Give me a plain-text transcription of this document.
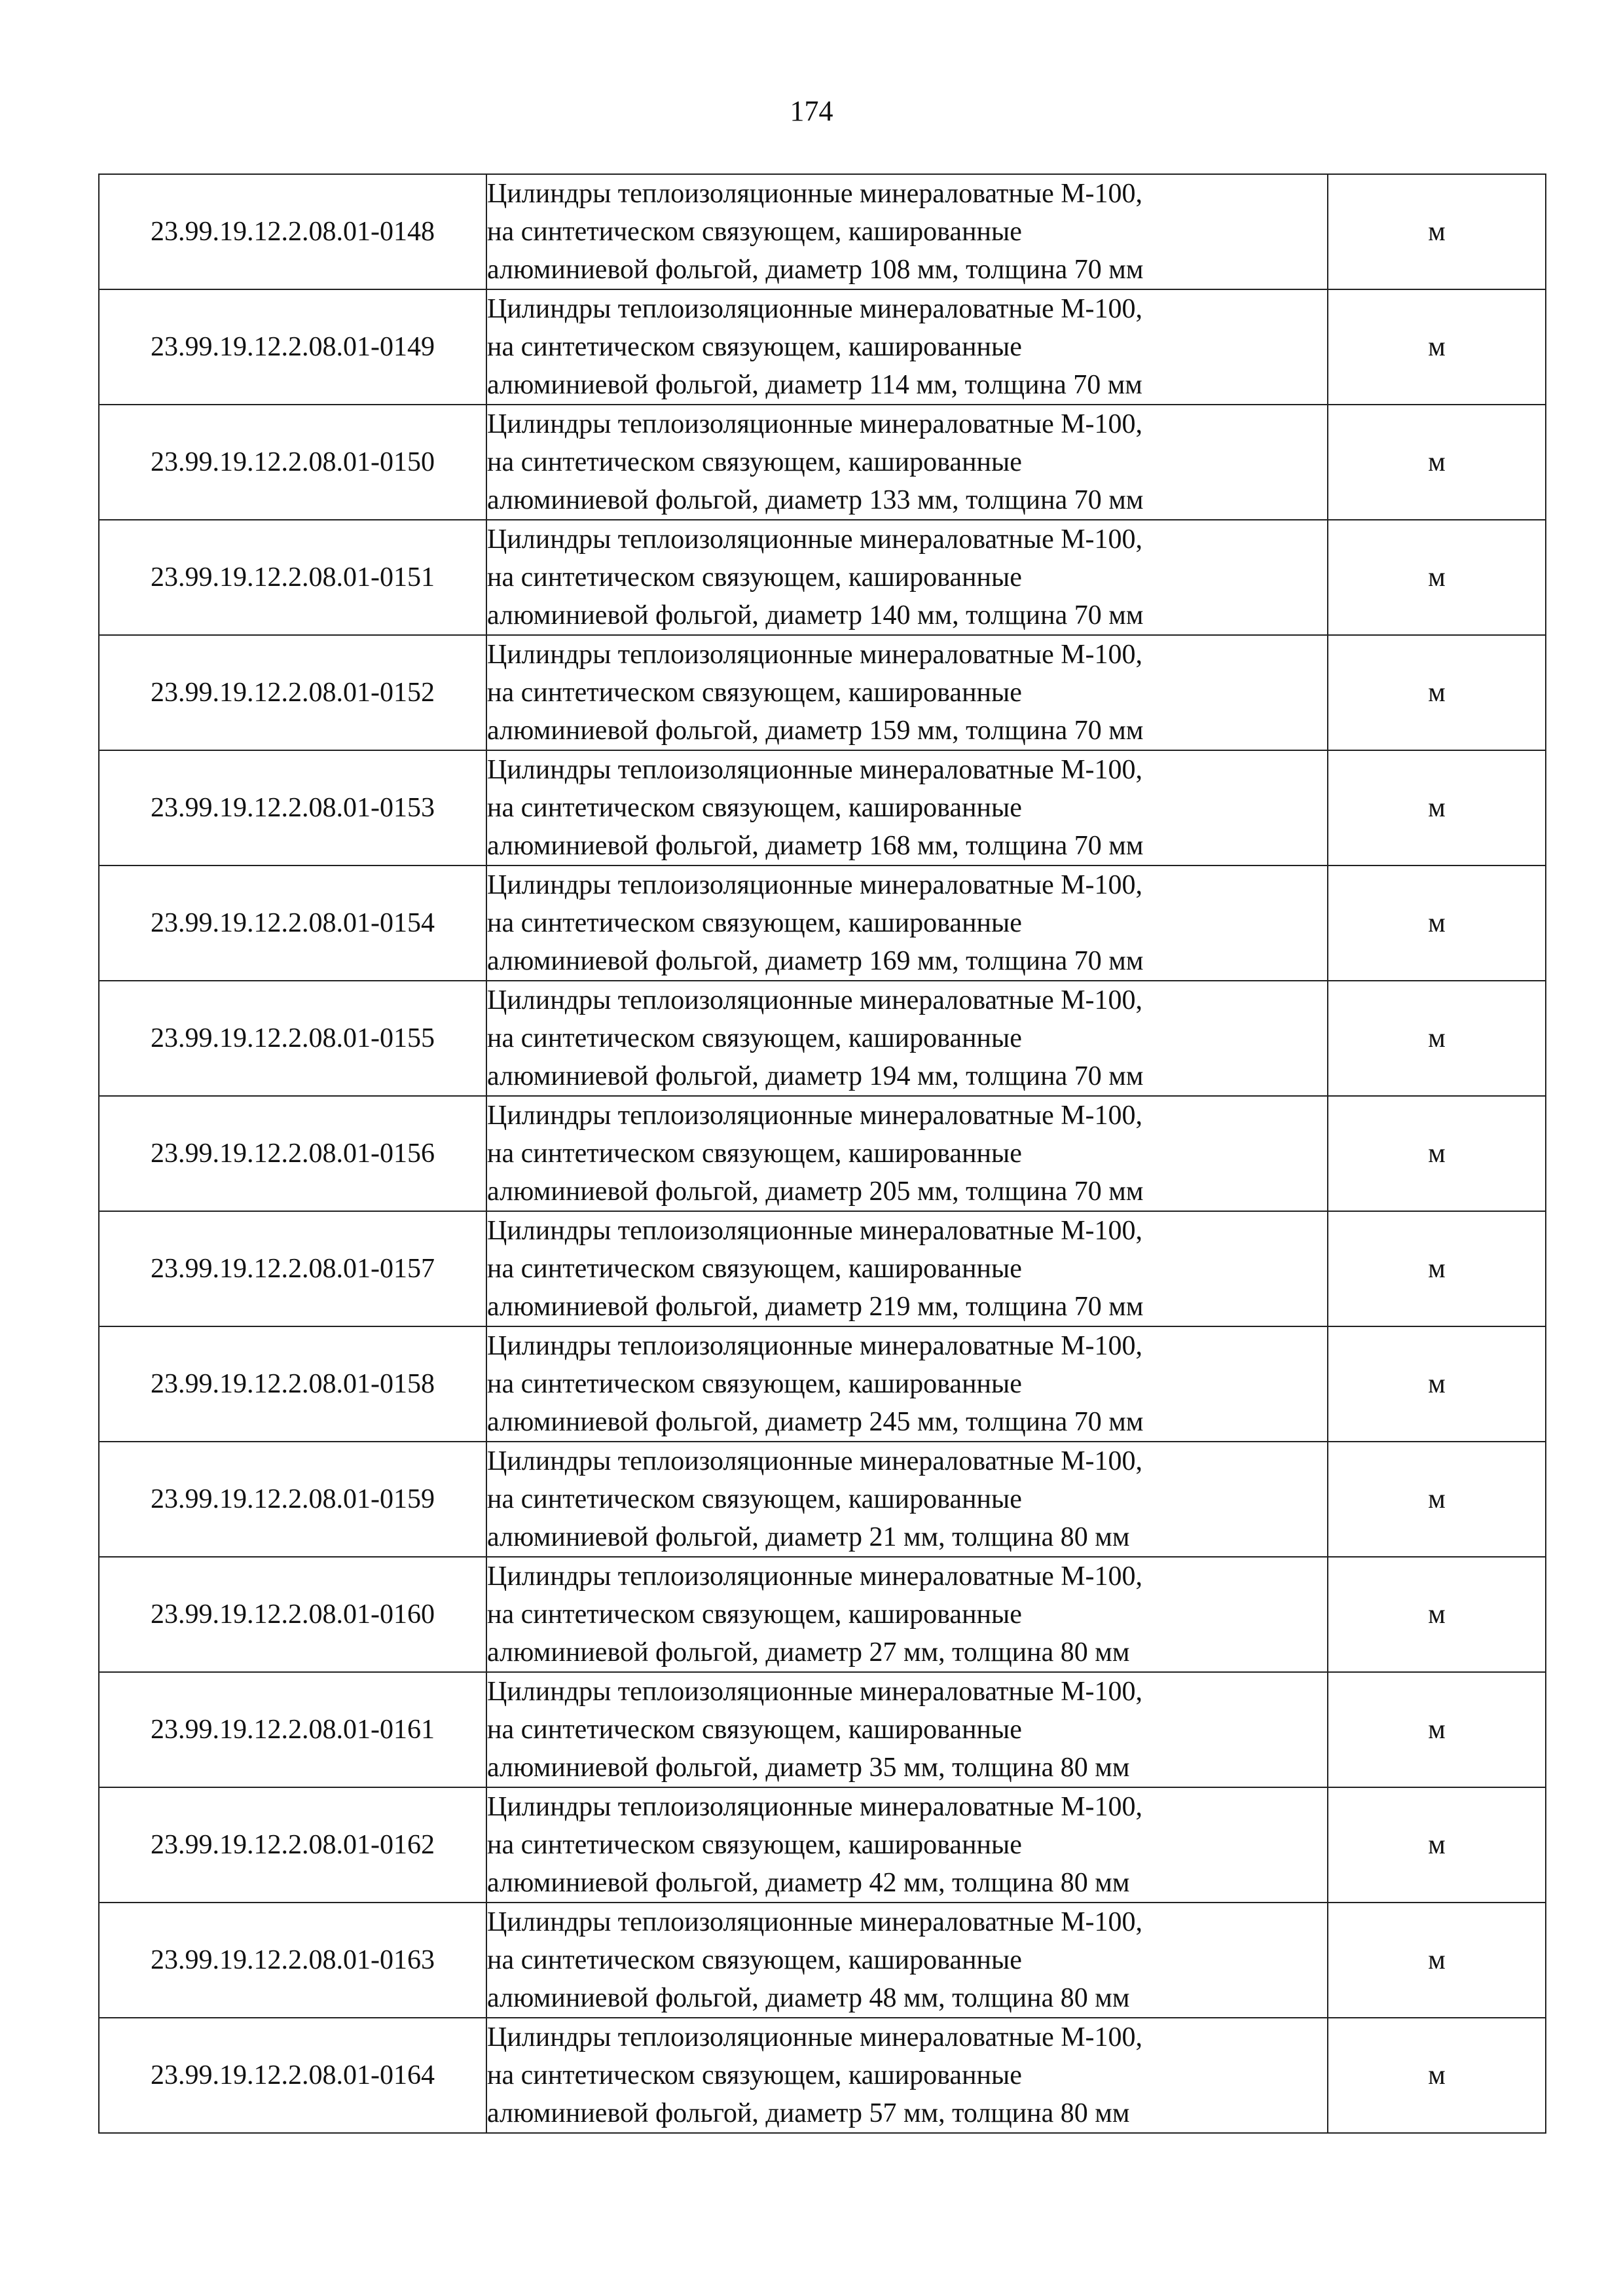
174
23.99.19.12.2.08.01-0148	Цилиндры теплоизоляционные минераловатные М-100,
на синтетическом связующем, кашированные
алюминиевой фольгой, диаметр 108 мм, толщина 70 мм	м
23.99.19.12.2.08.01-0149	Цилиндры теплоизоляционные минераловатные М-100,
на синтетическом связующем, кашированные
алюминиевой фольгой, диаметр 114 мм, толщина 70 мм	м
23.99.19.12.2.08.01-0150	Цилиндры теплоизоляционные минераловатные М-100,
на синтетическом связующем, кашированные
алюминиевой фольгой, диаметр 133 мм, толщина 70 мм	м
23.99.19.12.2.08.01-0151	Цилиндры теплоизоляционные минераловатные М-100,
на синтетическом связующем, кашированные
алюминиевой фольгой, диаметр 140 мм, толщина 70 мм	м
23.99.19.12.2.08.01-0152	Цилиндры теплоизоляционные минераловатные М-100,
на синтетическом связующем, кашированные
алюминиевой фольгой, диаметр 159 мм, толщина 70 мм	м
23.99.19.12.2.08.01-0153	Цилиндры теплоизоляционные минераловатные М-100,
на синтетическом связующем, кашированные
алюминиевой фольгой, диаметр 168 мм, толщина 70 мм	м
23.99.19.12.2.08.01-0154	Цилиндры теплоизоляционные минераловатные М-100,
на синтетическом связующем, кашированные
алюминиевой фольгой, диаметр 169 мм, толщина 70 мм	м
23.99.19.12.2.08.01-0155	Цилиндры теплоизоляционные минераловатные М-100,
на синтетическом связующем, кашированные
алюминиевой фольгой, диаметр 194 мм, толщина 70 мм	м
23.99.19.12.2.08.01-0156	Цилиндры теплоизоляционные минераловатные М-100,
на синтетическом связующем, кашированные
алюминиевой фольгой, диаметр 205 мм, толщина 70 мм	м
23.99.19.12.2.08.01-0157	Цилиндры теплоизоляционные минераловатные М-100,
на синтетическом связующем, кашированные
алюминиевой фольгой, диаметр 219 мм, толщина 70 мм	м
23.99.19.12.2.08.01-0158	Цилиндры теплоизоляционные минераловатные М-100,
на синтетическом связующем, кашированные
алюминиевой фольгой, диаметр 245 мм, толщина 70 мм	м
23.99.19.12.2.08.01-0159	Цилиндры теплоизоляционные минераловатные М-100,
на синтетическом связующем, кашированные
алюминиевой фольгой, диаметр 21 мм, толщина 80 мм	м
23.99.19.12.2.08.01-0160	Цилиндры теплоизоляционные минераловатные М-100,
на синтетическом связующем, кашированные
алюминиевой фольгой, диаметр 27 мм, толщина 80 мм	м
23.99.19.12.2.08.01-0161	Цилиндры теплоизоляционные минераловатные М-100,
на синтетическом связующем, кашированные
алюминиевой фольгой, диаметр 35 мм, толщина 80 мм	м
23.99.19.12.2.08.01-0162	Цилиндры теплоизоляционные минераловатные М-100,
на синтетическом связующем, кашированные
алюминиевой фольгой, диаметр 42 мм, толщина 80 мм	м
23.99.19.12.2.08.01-0163	Цилиндры теплоизоляционные минераловатные М-100,
на синтетическом связующем, кашированные
алюминиевой фольгой, диаметр 48 мм, толщина 80 мм	м
23.99.19.12.2.08.01-0164	Цилиндры теплоизоляционные минераловатные М-100,
на синтетическом связующем, кашированные
алюминиевой фольгой, диаметр 57 мм, толщина 80 мм	м
